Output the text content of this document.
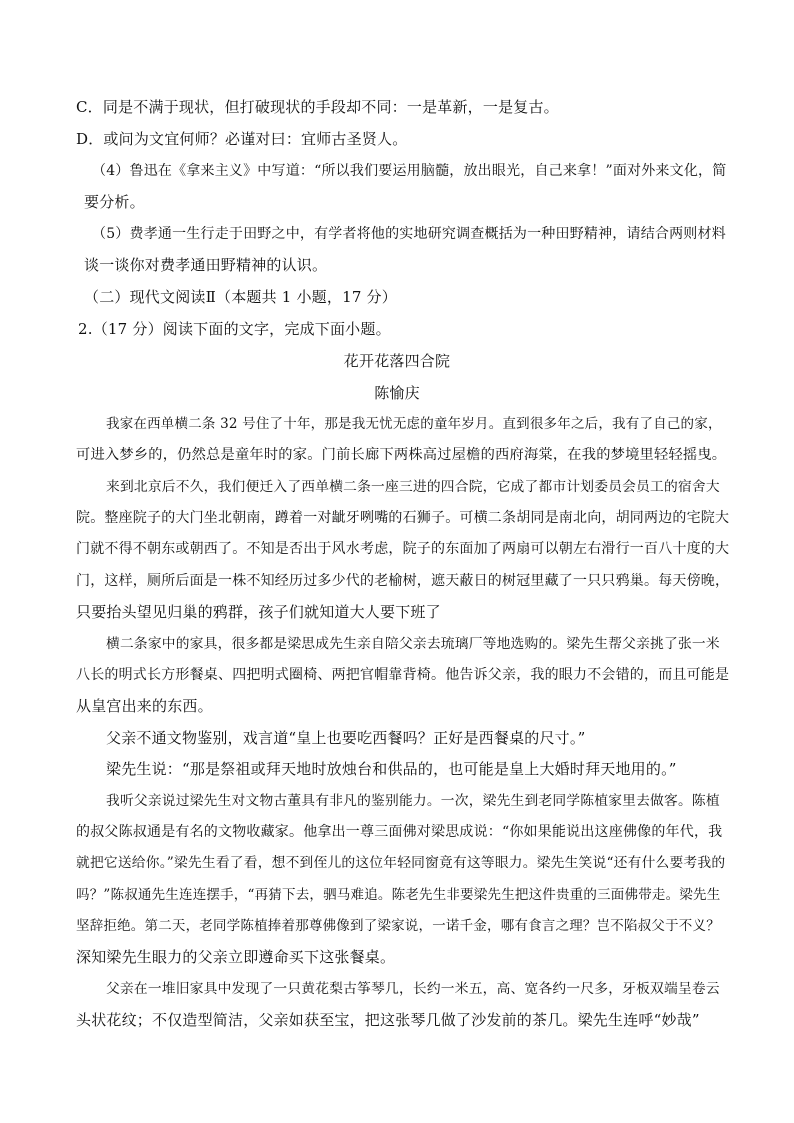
C．同是不满于现状，但打破现状的手段却不同：一是革新，一是复古。
D．或问为文宜何师？必谨对曰：宜师古圣贤人。
（4）鲁迅在《拿来主义》中写道：“所以我们要运用脑髓，放出眼光，自己来拿！”面对外来文化，简
要分析。
（5）费孝通一生行走于田野之中，有学者将他的实地研究调查概括为一种田野精神，请结合两则材料
谈一谈你对费孝通田野精神的认识。
（二）现代文阅读Ⅱ（本题共 1 小题，17 分）
2.（17 分）阅读下面的文字，完成下面小题。
花开花落四合院
陈愉庆
我家在西单横二条 32 号住了十年，那是我无忧无虑的童年岁月。直到很多年之后，我有了自己的家，
可进入梦乡的，仍然总是童年时的家。门前长廊下两株高过屋檐的西府海棠，在我的梦境里轻轻摇曳。
来到北京后不久，我们便迁入了西单横二条一座三进的四合院，它成了都市计划委员会员工的宿舍大
院。整座院子的大门坐北朝南，蹲着一对龇牙咧嘴的石狮子。可横二条胡同是南北向，胡同两边的宅院大
门就不得不朝东或朝西了。不知是否出于风水考虑，院子的东面加了两扇可以朝左右滑行一百八十度的大
门，这样，厕所后面是一株不知经历过多少代的老榆树，遮天蔽日的树冠里藏了一只只鸦巢。每天傍晚，
只要抬头望见归巢的鸦群，孩子们就知道大人要下班了
横二条家中的家具，很多都是梁思成先生亲自陪父亲去琉璃厂等地选购的。梁先生帮父亲挑了张一米
八长的明式长方形餐桌、四把明式圈椅、两把官帽靠背椅。他告诉父亲，我的眼力不会错的，而且可能是
从皇宫出来的东西。
父亲不通文物鉴别，戏言道“皇上也要吃西餐吗？正好是西餐桌的尺寸。”
梁先生说：“那是祭祖或拜天地时放烛台和供品的，也可能是皇上大婚时拜天地用的。”
我听父亲说过梁先生对文物古董具有非凡的鉴别能力。一次，梁先生到老同学陈植家里去做客。陈植
的叔父陈叔通是有名的文物收藏家。他拿出一尊三面佛对梁思成说：“你如果能说出这座佛像的年代，我
就把它送给你。”梁先生看了看，想不到侄儿的这位年轻同窗竟有这等眼力。梁先生笑说“还有什么要考我的
吗？”陈叔通先生连连摆手，“再猜下去，驷马难追。陈老先生非要梁先生把这件贵重的三面佛带走。梁先生
坚辞拒绝。第二天，老同学陈植捧着那尊佛像到了梁家说，一诺千金，哪有食言之理？岂不陷叔父于不义？
深知梁先生眼力的父亲立即遵命买下这张餐桌。
父亲在一堆旧家具中发现了一只黄花梨古筝琴几，长约一米五，高、宽各约一尺多，牙板双端呈卷云
头状花纹；不仅造型简洁，父亲如获至宝，把这张琴几做了沙发前的茶几。梁先生连呼“妙哉”
